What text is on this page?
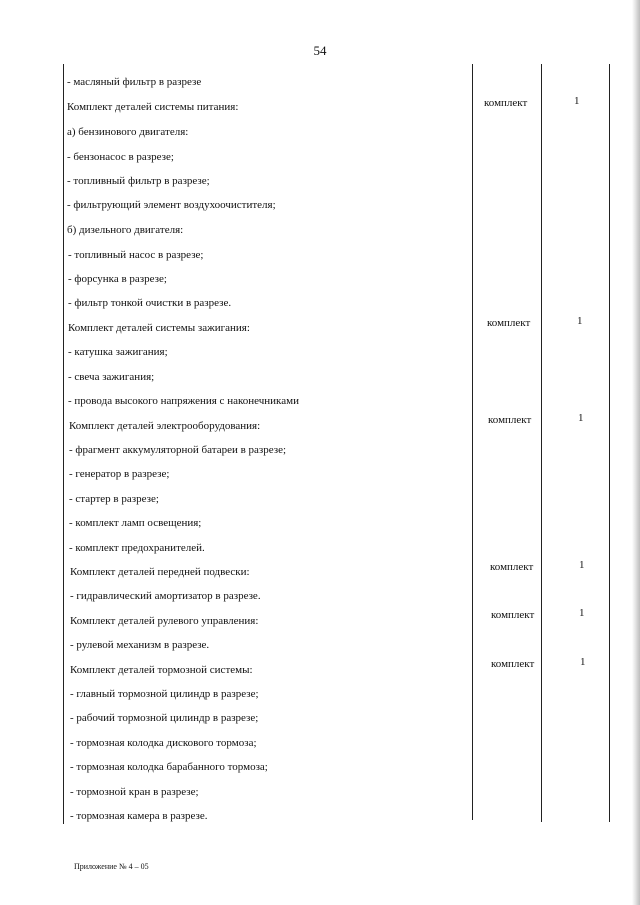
54
- масляный фильтр в разрезе
Комплект деталей системы питания:
а) бензинового двигателя:
- бензонасос в разрезе;
- топливный фильтр в разрезе;
- фильтрующий элемент воздухоочистителя;
б) дизельного двигателя:
- топливный насос в разрезе;
- форсунка в разрезе;
- фильтр тонкой очистки в разрезе.
Комплект деталей системы зажигания:
- катушка зажигания;
- свеча зажигания;
- провода высокого напряжения с наконечниками
Комплект деталей электрооборудования:
- фрагмент аккумуляторной батареи в разрезе;
- генератор в разрезе;
- стартер в разрезе;
- комплект ламп освещения;
- комплект предохранителей.
Комплект деталей передней подвески:
- гидравлический амортизатор в разрезе.
Комплект деталей рулевого управления:
- рулевой механизм в разрезе.
Комплект деталей тормозной системы:
- главный тормозной цилиндр в разрезе;
- рабочий тормозной цилиндр в разрезе;
- тормозная колодка дискового тормоза;
- тормозная колодка барабанного тормоза;
- тормозной кран в разрезе;
- тормозная камера в разрезе.
комплект
комплект
комплект
комплект
комплект
комплект
1
1
1
1
1
1
Приложение № 4 – 05
